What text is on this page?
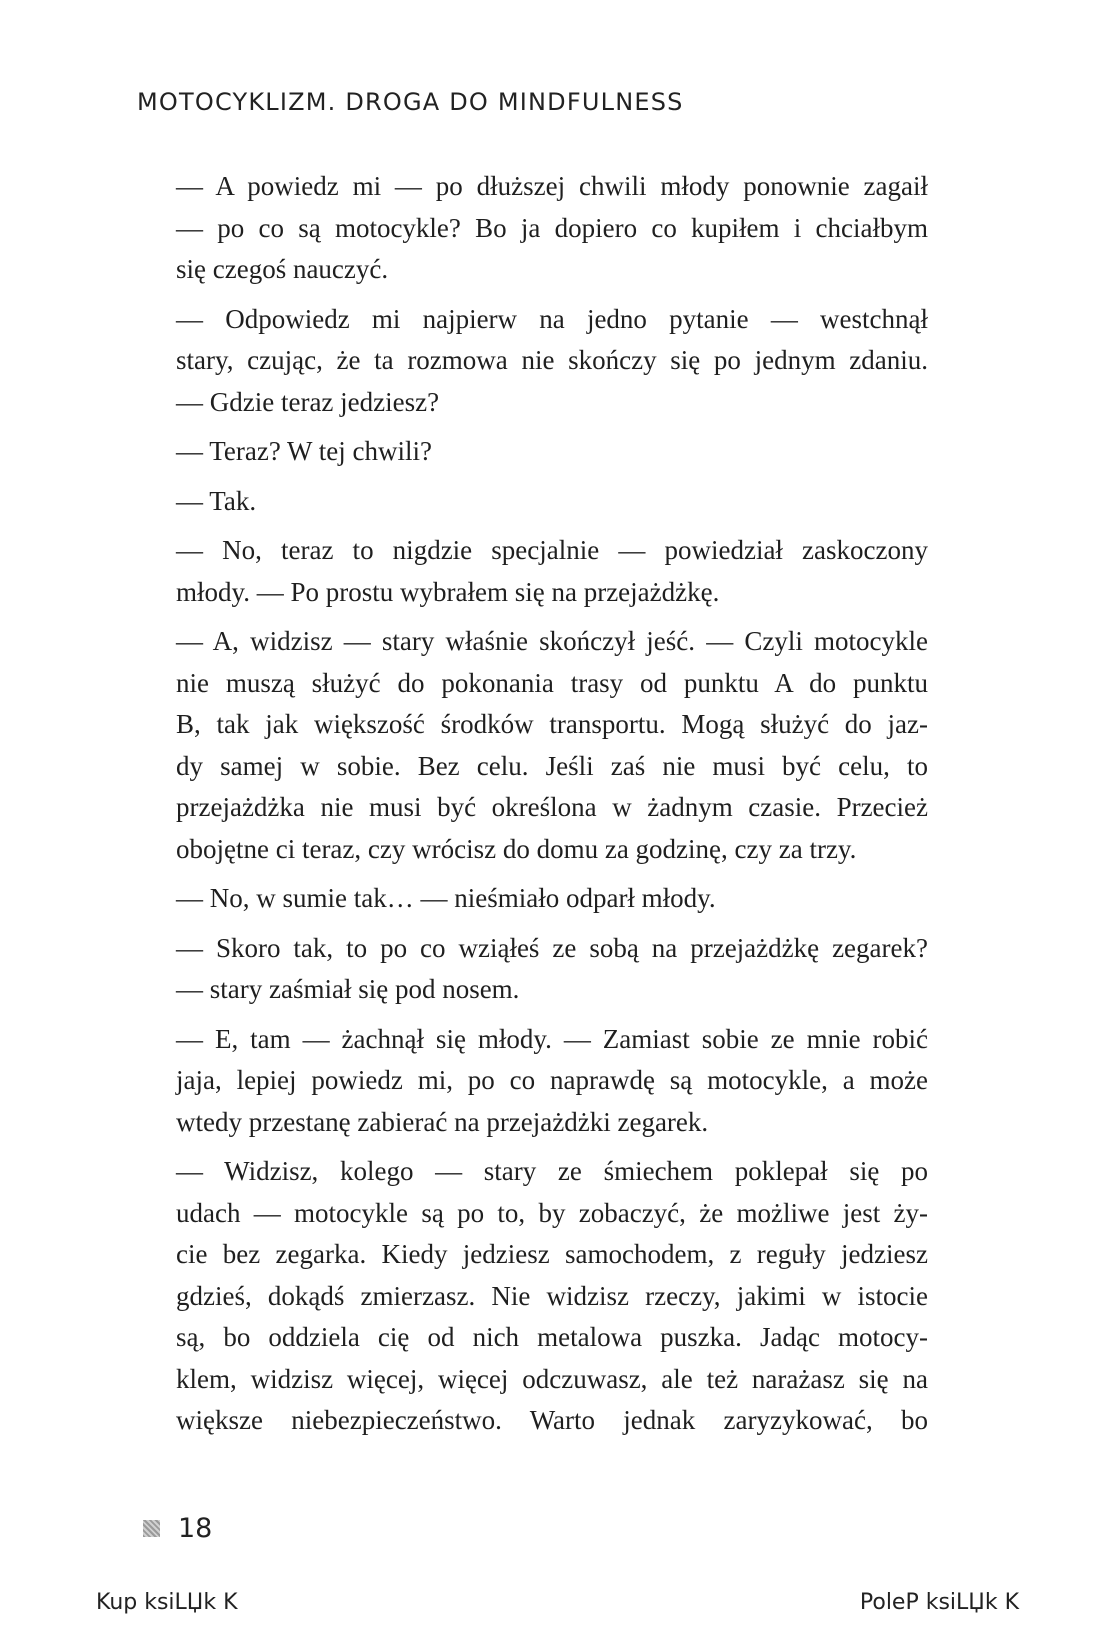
MOTOCYKLIZM. DROGA DO MINDFULNESS

— A powiedz mi — po dłuższej chwili młody ponownie zagaił
— po co są motocykle? Bo ja dopiero co kupiłem i chciałbym
się czegoś nauczyć.

— Odpowiedz mi najpierw na jedno pytanie — westchnął
stary, czując, że ta rozmowa nie skończy się po jednym zdaniu.
— Gdzie teraz jedziesz?

— Teraz? W tej chwili?

— Tak.

— No, teraz to nigdzie specjalnie — powiedział zaskoczony
młody. — Po prostu wybrałem się na przejażdżkę.

— A, widzisz — stary właśnie skończył jeść. — Czyli motocykle
nie muszą służyć do pokonania trasy od punktu A do punktu
B, tak jak większość środków transportu. Mogą służyć do jaz-
dy samej w sobie. Bez celu. Jeśli zaś nie musi być celu, to
przejażdżka nie musi być określona w żadnym czasie. Przecież
obojętne ci teraz, czy wrócisz do domu za godzinę, czy za trzy.

— No, w sumie tak… — nieśmiało odparł młody.

— Skoro tak, to po co wziąłeś ze sobą na przejażdżkę zegarek?
— stary zaśmiał się pod nosem.

— E, tam — żachnął się młody. — Zamiast sobie ze mnie robić
jaja, lepiej powiedz mi, po co naprawdę są motocykle, a może
wtedy przestanę zabierać na przejażdżki zegarek.

— Widzisz, kolego — stary ze śmiechem poklepał się po
udach — motocykle są po to, by zobaczyć, że możliwe jest ży-
cie bez zegarka. Kiedy jedziesz samochodem, z reguły jedziesz
gdzieś, dokądś zmierzasz. Nie widzisz rzeczy, jakimi w istocie
są, bo oddziela cię od nich metalowa puszka. Jadąc motocy-
klem, widzisz więcej, więcej odczuwasz, ale też narażasz się na
większe niebezpieczeństwo. Warto jednak zaryzykować, bo

18
Kup ksiLЏk K	PoleP ksiLЏk K
